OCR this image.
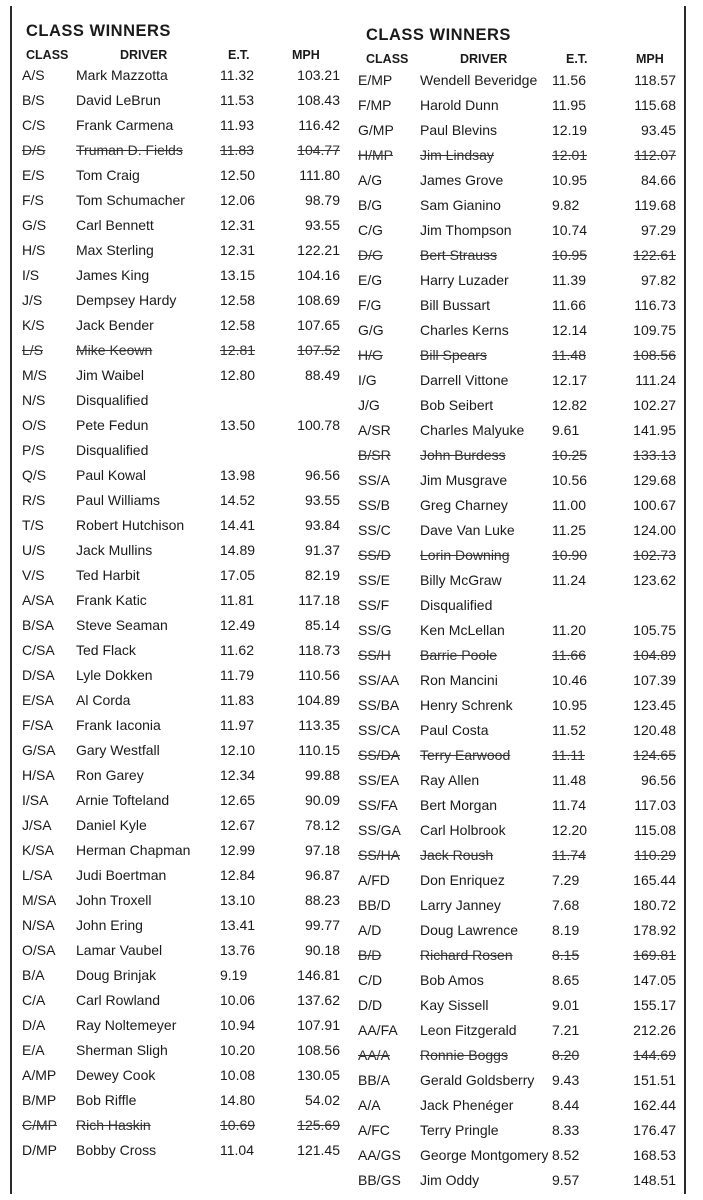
CLASS WINNERS
CLASS	DRIVER	E.T.	MPH
A/S Mark Mazzotta	11.32	103.21
B/S David LeBrun	11.53	108.43
C/S Frank Carmena	11.93	116.42
D/S Truman D. Fields	11.83	104.77
E/S Tom Craig	12.50	111.80
F/S Tom Schumacher	12.06	98.79
G/S Carl Bennett	12.31	93.55
H/S Max Sterling	12.31	122.21
I/S	James King	13.15	104.16
J/S Dempsey Hardy	12.58	108.69
K/S Jack Bender	12.58	107.65
L/S Mike Keown	12.81	107.52
M/S Jim Waibel	12.80	88.49
N/S Disqualified
O/S Pete Fedun	13.50	100.78
P/S Disqualified
Q/S Paul Kowal	13.98	96.56
R/S Paul Williams	14.52	93.55
T/S Robert Hutchison	14.41	93.84
U/S Jack Mullins	14.89	91.37
V/S Ted Harbit	17.05	82.19
A/SA Frank Katic	11.81	117.18
B/SA Steve Seaman	12.49	85.14
C/SA Ted Flack	11.62	118.73
D/SA Lyle Dokken	11.79	110.56
E/SA Al Corda	11.83	104.89
F/SA Frank Iaconia	11.97	113.35
G/SA Gary Westfall	12.10	110.15
H/SA Ron Garey	12.34	99.88
I/SA Arnie Tofteland	12.65	90.09
J/SA Daniel Kyle	12.67	78.12
K/SA Herman Chapman 12.99	97.18
L/SA Judi Boertman	12.84	96.87
M/SA John Troxell	13.10	88.23
N/SA John Ering	13.41	99.77
O/SA Lamar Vaubel	13.76	90.18
B/A Doug Brinjak	9.19	146.81
C/A Carl Rowland	10.06	137.62
D/A Ray Noltemeyer	10.94	107.91
E/A Sherman Sligh	10.20	108.56
A/MP Dewey Cook	10.08	130.05
B/MP Bob Riffle	14.80	54.02
C/MP Rich Haskin	10.69	125.69
D/MP Bobby Cross	11.04	121.45
CLASS WINNERS
CLASS	DRIVER	E.T.	MPH
E/MP Wendell Beveridge 11.56	118.57
F/MP Harold Dunn	11.95	115.68
G/MP Paul Blevins	12.19	93.45
H/MP Jim Lindsay	12.01	112.07
A/G	James Grove	10.95	84.66
B/G	Sam Gianino	9.82	119.68
C/G	Jim Thompson	10.74	97.29
D/G	Bert Strauss	10.95	122.61
E/G	Harry Luzader	11.39	97.82
F/G	Bill Bussart	11.66	116.73
G/G	Charles Kerns	12.14	109.75
H/G	Bill Spears	11.48	108.56
I/G	Darrell Vittone	12.17	111.24
J/G	Bob Seibert	12.82	102.27
A/SR Charles Malyuke 9.61	141.95
B/SR John Burdess	10.25	133.13
SS/A Jim Musgrave	10.56	129.68
SS/B Greg Charney	11.00	100.67
SS/C Dave Van Luke	11.25	124.00
SS/D Lorin Downing	10.90	102.73
SS/E Billy McGraw	11.24	123.62
SS/F Disqualified
SS/G Ken McLellan	11.20	105.75
SS/H Barrie Poole	11.66	104.89
SS/AA Ron Mancini	10.46	107.39
SS/BA Henry Schrenk	10.95	123.45
SS/CA Paul Costa	11.52	120.48
SS/DA Terry Earwood	11.11	124.65
SS/EA Ray Allen	11.48	96.56
SS/FA Bert Morgan	11.74	117.03
SS/GA Carl Holbrook	12.20	115.08
SS/HA Jack Roush	11.74	110.29
A/FD Don Enriquez	7.29	165.44
BB/D Larry Janney	7.68	180.72
A/D	Doug Lawrence 8.19	178.92
B/D	Richard Rosen	8.15	169.81
C/D	Bob Amos	8.65	147.05
D/D	Kay Sissell	9.01	155.17
AA/FA Leon Fitzgerald	7.21	212.26
AA/A Ronnie Boggs	8.20	144.69
BB/A Gerald Goldsberry 9.43	151.51
A/A	Jack Phenéger	8.44	162.44
A/FC Terry Pringle	8.33	176.47
AA/GS George Montgomery 8.52	168.53
BB/GS Jim Oddy	9.57	148.51
